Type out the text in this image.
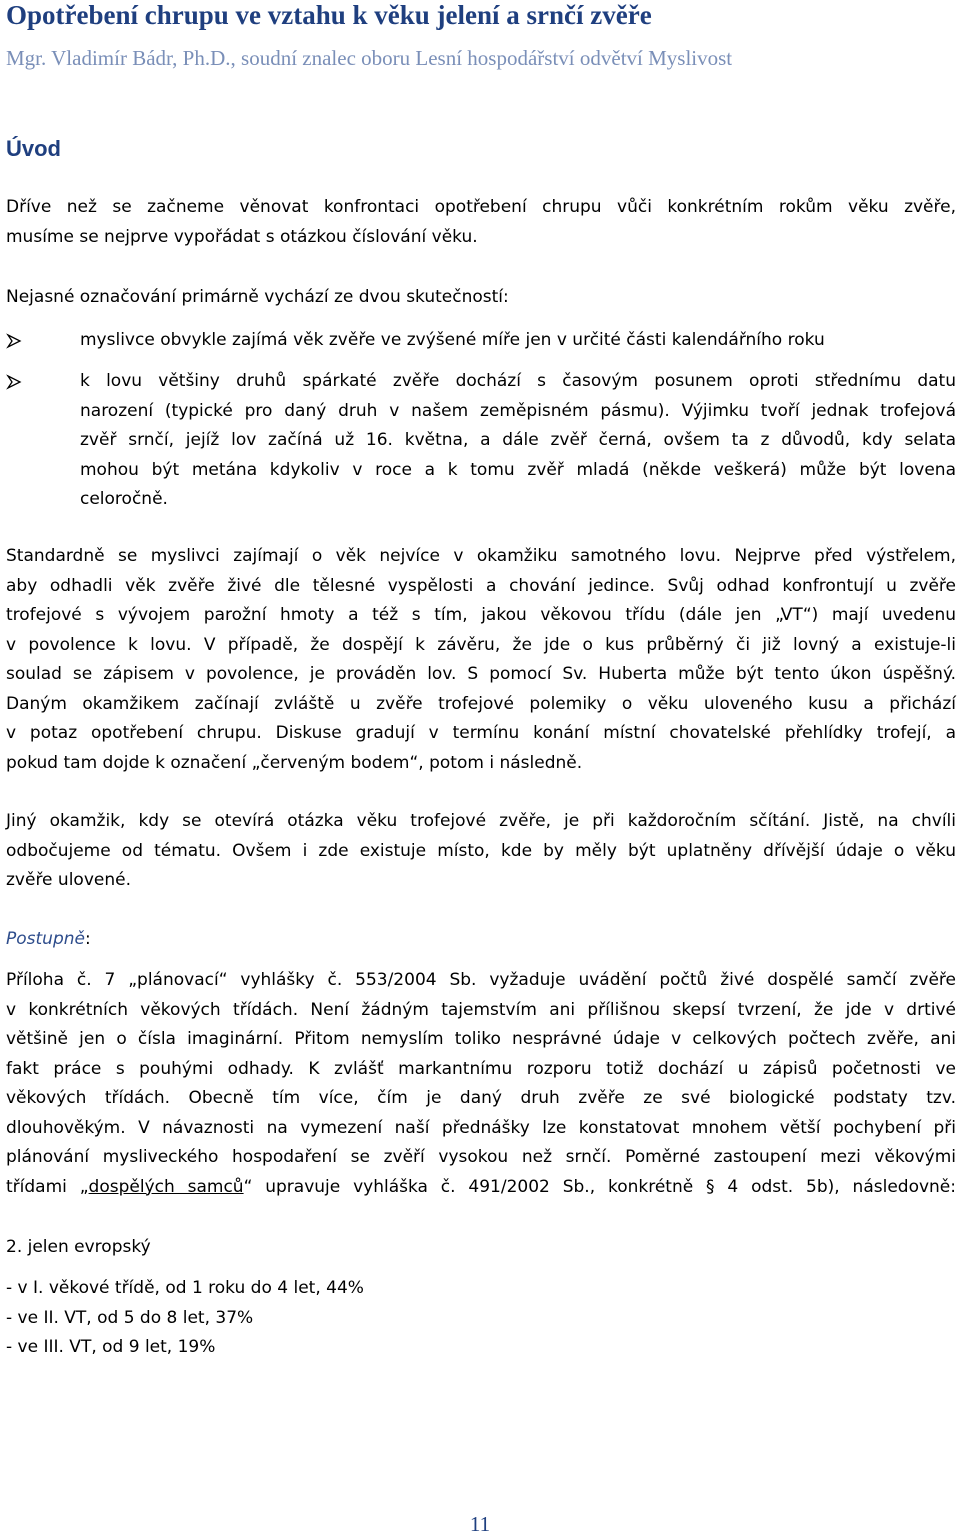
Opotřebení chrupu ve vztahu k věku jelení a srnčí zvěře
Mgr. Vladimír Bádr, Ph.D., soudní znalec oboru Lesní hospodářství odvětví Myslivost
Úvod

Dříve než se začneme věnovat konfrontaci opotřebení chrupu vůči konkrétním rokům věku zvěře,
musíme se nejprve vypořádat s otázkou číslování věku.

Nejasné označování primárně vychází ze dvou skutečností:

myslivce obvykle zajímá věk zvěře ve zvýšené míře jen v určité části kalendářního roku

k lovu většiny druhů spárkaté zvěře dochází s časovým posunem oproti střednímu datu
narození (typické pro daný druh v našem zeměpisném pásmu). Výjimku tvoří jednak trofejová
zvěř srnčí, jejíž lov začíná už 16. května, a dále zvěř černá, ovšem ta z důvodů, kdy selata
mohou být metána kdykoliv v roce a k tomu zvěř mladá (někde veškerá) může být lovena
celoročně.

Standardně se myslivci zajímají o věk nejvíce v okamžiku samotného lovu. Nejprve před výstřelem,
aby odhadli věk zvěře živé dle tělesné vyspělosti a chování jedince. Svůj odhad konfrontují u zvěře
trofejové s vývojem parožní hmoty a též s tím, jakou věkovou třídu (dále jen „VT“) mají uvedenu
v povolence k lovu. V případě, že dospějí k závěru, že jde o kus průběrný či již lovný a existuje-li
soulad se zápisem v povolence, je prováděn lov. S pomocí Sv. Huberta může být tento úkon úspěšný.
Daným okamžikem začínají zvláště u zvěře trofejové polemiky o věku uloveného kusu a přichází
v potaz opotřebení chrupu. Diskuse gradují v termínu konání místní chovatelské přehlídky trofejí, a
pokud tam dojde k označení „červeným bodem“, potom i následně.

Jiný okamžik, kdy se otevírá otázka věku trofejové zvěře, je při každoročním sčítání. Jistě, na chvíli
odbočujeme od tématu. Ovšem i zde existuje místo, kde by měly být uplatněny dřívější údaje o věku
zvěře ulovené.

Postupně:

Příloha č. 7 „plánovací“ vyhlášky č. 553/2004 Sb. vyžaduje uvádění počtů živé dospělé samčí zvěře
v konkrétních věkových třídách. Není žádným tajemstvím ani přílišnou skepsí tvrzení, že jde v drtivé
většině jen o čísla imaginární. Přitom nemyslím toliko nesprávné údaje v celkových počtech zvěře, ani
fakt práce s pouhými odhady. K zvlášť markantnímu rozporu totiž dochází u zápisů početnosti ve
věkových třídách. Obecně tím více, čím je daný druh zvěře ze své biologické podstaty tzv.
dlouhověkým. V návaznosti na vymezení naší přednášky lze konstatovat mnohem větší pochybení při
plánování mysliveckého hospodaření se zvěří vysokou než srnčí. Poměrné zastoupení mezi věkovými
třídami „dospělých samců“ upravuje vyhláška č. 491/2002 Sb., konkrétně § 4 odst. 5b), následovně:

2. jelen evropský

- v I. věkové třídě, od 1 roku do 4 let, 44%
- ve II. VT, od 5 do 8 let, 37%
- ve III. VT, od 9 let, 19%

11
